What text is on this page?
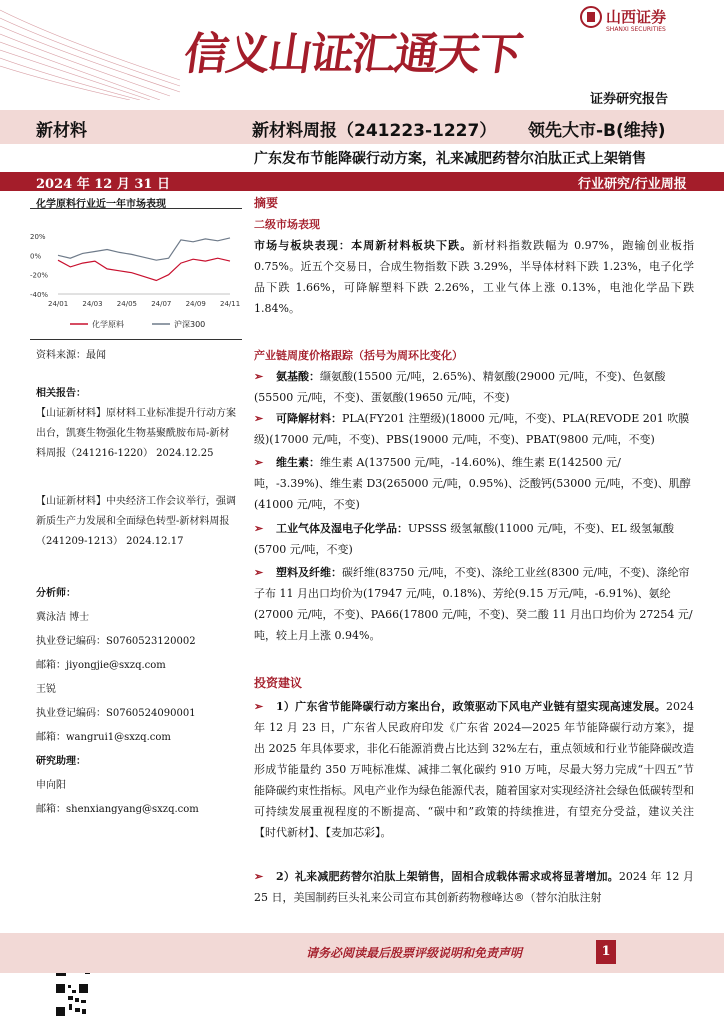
信义山证汇通天下
山西证券
SHANXI SECURITIES
证券研究报告
新材料	新材料周报（241223-1227） 领先大市-B(维持)
广东发布节能降碳行动方案，礼来减肥药替尔泊肽正式上架销售
2024 年 12 月 31 日	行业研究/行业周报
化学原料行业近一年市场表现
20%
0%
-20%
-40%
24/01 24/03 24/05 24/07 24/09 24/11
化学原料	沪深300
资料来源：最闻
相关报告：
【山证新材料】原材料工业标准提升行动方案出台，凯赛生物强化生物基聚酰胺布局-新材料周报（241216-1220） 2024.12.25
【山证新材料】中央经济工作会议举行，强调新质生产力发展和全面绿色转型-新材料周报（241209-1213） 2024.12.17
分析师：
冀泳洁 博士
执业登记编码：S0760523120002
邮箱：jiyongjie@sxzq.com
王锐
执业登记编码：S0760524090001
邮箱：wangrui1@sxzq.com
研究助理：
申向阳
邮箱：shenxiangyang@sxzq.com
摘要
二级市场表现
市场与板块表现：本周新材料板块下跌。新材料指数跌幅为 0.97%，跑输创业板指 0.75%。近五个交易日，合成生物指数下跌 3.29%，半导体材料下跌 1.23%，电子化学品下跌 1.66%，可降解塑料下跌 2.26%，工业气体上涨 0.13%，电池化学品下跌 1.84%。
产业链周度价格跟踪（括号为周环比变化）
➢ 氨基酸：缬氨酸(15500 元/吨，2.65%)、精氨酸(29000 元/吨，不变)、色氨酸(55500 元/吨，不变)、蛋氨酸(19650 元/吨，不变)
➢ 可降解材料：PLA(FY201 注塑级)(18000 元/吨，不变)、PLA(REVODE 201 吹膜级)(17000 元/吨，不变)、PBS(19000 元/吨，不变)、PBAT(9800 元/吨，不变)
➢ 维生素：维生素 A(137500 元/吨，-14.60%)、维生素 E(142500 元/吨，-3.39%)、维生素 D3(265000 元/吨，0.95%)、泛酸钙(53000 元/吨，不变)、肌醇(41000 元/吨，不变)
➢ 工业气体及湿电子化学品：UPSSS 级氢氟酸(11000 元/吨，不变)、EL 级氢氟酸(5700 元/吨，不变)
➢ 塑料及纤维：碳纤维(83750 元/吨，不变)、涤纶工业丝(8300 元/吨，不变)、涤纶帘子布 11 月出口均价为(17947 元/吨，0.18%)、芳纶(9.15 万元/吨，-6.91%)、氨纶(27000 元/吨，不变)、PA66(17800 元/吨，不变)、癸二酸 11 月出口均价为 27254 元/吨，较上月上涨 0.94%。
投资建议
➢ 1）广东省节能降碳行动方案出台，政策驱动下风电产业链有望实现高速发展。2024 年 12 月 23 日，广东省人民政府印发《广东省 2024—2025 年节能降碳行动方案》，提出 2025 年具体要求，非化石能源消费占比达到 32%左右，重点领域和行业节能降碳改造形成节能量约 350 万吨标准煤、减排二氧化碳约 910 万吨，尽最大努力完成“十四五”节能降碳约束性指标。风电产业作为绿色能源代表，随着国家对实现经济社会绿色低碳转型和可持续发展重视程度的不断提高、“碳中和”政策的持续推进，有望充分受益，建议关注【时代新材】、【麦加芯彩】。
➢ 2）礼来减肥药替尔泊肽上架销售，固相合成载体需求或将显著增加。2024 年 12 月 25 日，美国制药巨头礼来公司宣布其创新药物穆峰达®（替尔泊肽注射
请务必阅读最后股票评级说明和免责声明	1
